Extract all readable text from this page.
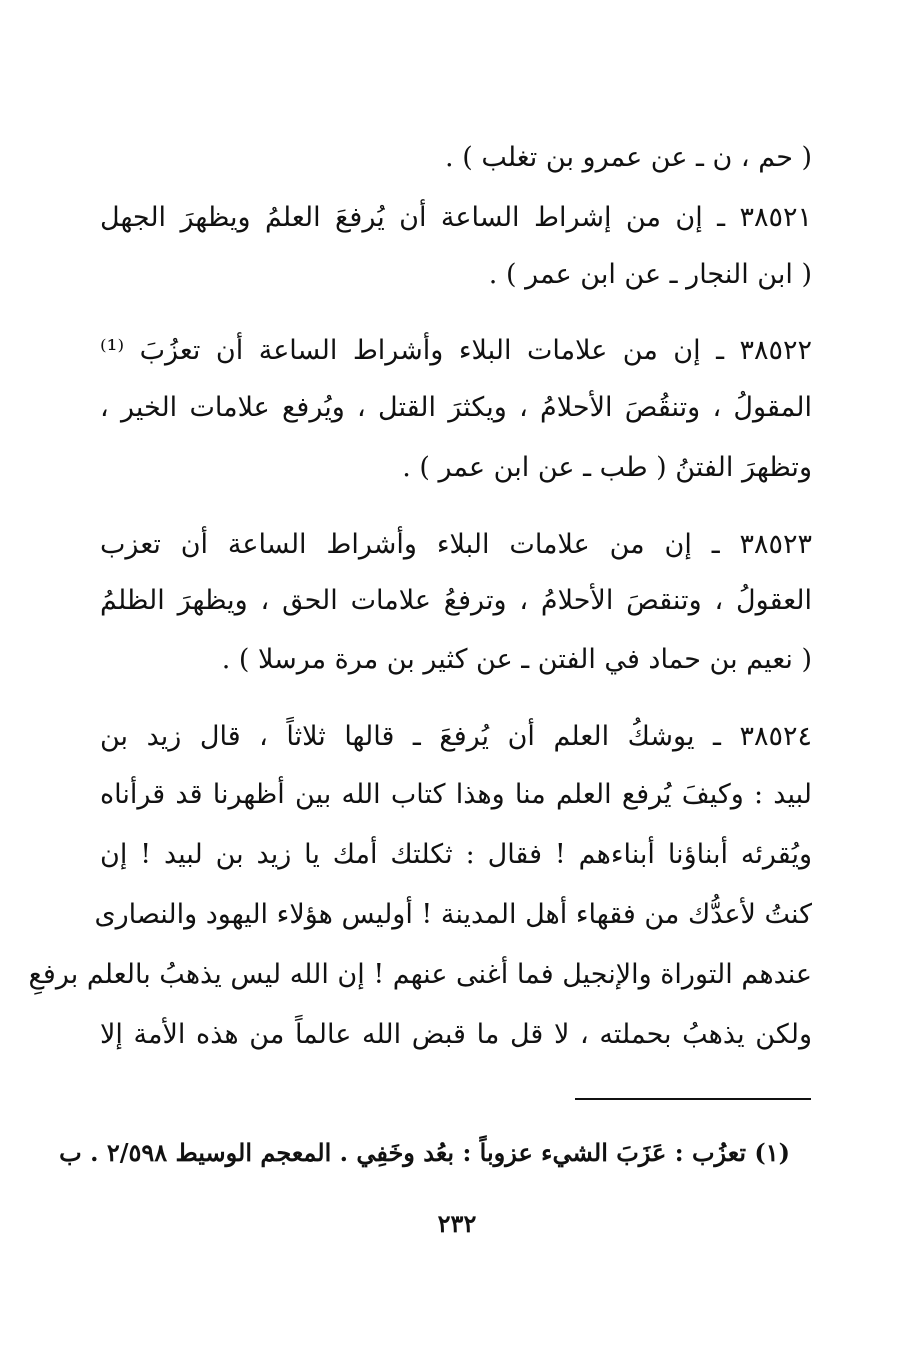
( حم ، ن ـ عن عمرو بن تغلب ) .
٣٨٥٢١ ـ إن من إشراط الساعة أن يُرفعَ العلمُ ويظهرَ الجهل
( ابن النجار ـ عن ابن عمر ) .
٣٨٥٢٢ ـ إن من علامات البلاء وأشراط الساعة أن تعزُبَ ⁽¹⁾
المقولُ ، وتنقُصَ الأحلامُ ، ويكثرَ القتل ، ويُرفع علامات الخير ،
وتظهرَ الفتنُ ( طب ـ عن ابن عمر ) .
٣٨٥٢٣ ـ إن من علامات البلاء وأشراط الساعة أن تعزب
العقولُ ، وتنقصَ الأحلامُ ، وترفعُ علامات الحق ، ويظهرَ الظلمُ
( نعيم بن حماد في الفتن ـ عن كثير بن مرة مرسلا ) .
٣٨٥٢٤ ـ يوشكُ العلم أن يُرفعَ ـ قالها ثلاثاً ، قال زيد بن
لبيد : وكيفَ يُرفع العلم منا وهذا كتاب الله بين أظهرنا قد قرأناه
ويُقرئه أبناؤنا أبناءهم ! فقال : ثكلتك أمك يا زيد بن لبيد ! إن
كنتُ لأعدُّك من فقهاء أهل المدينة ! أوليس هؤلاء اليهود والنصارى
عندهم التوراة والإنجيل فما أغنى عنهم ! إن الله ليس يذهبُ بالعلم برفعِ
ولكن يذهبُ بحملته ، لا قل ما قبض الله عالماً من هذه الأمة إلا
(١) تعزُب : عَزَبَ الشيء عزوباً : بعُد وخَفِي . المعجم الوسيط ٢/٥٩٨ . ب
٢٣٢
